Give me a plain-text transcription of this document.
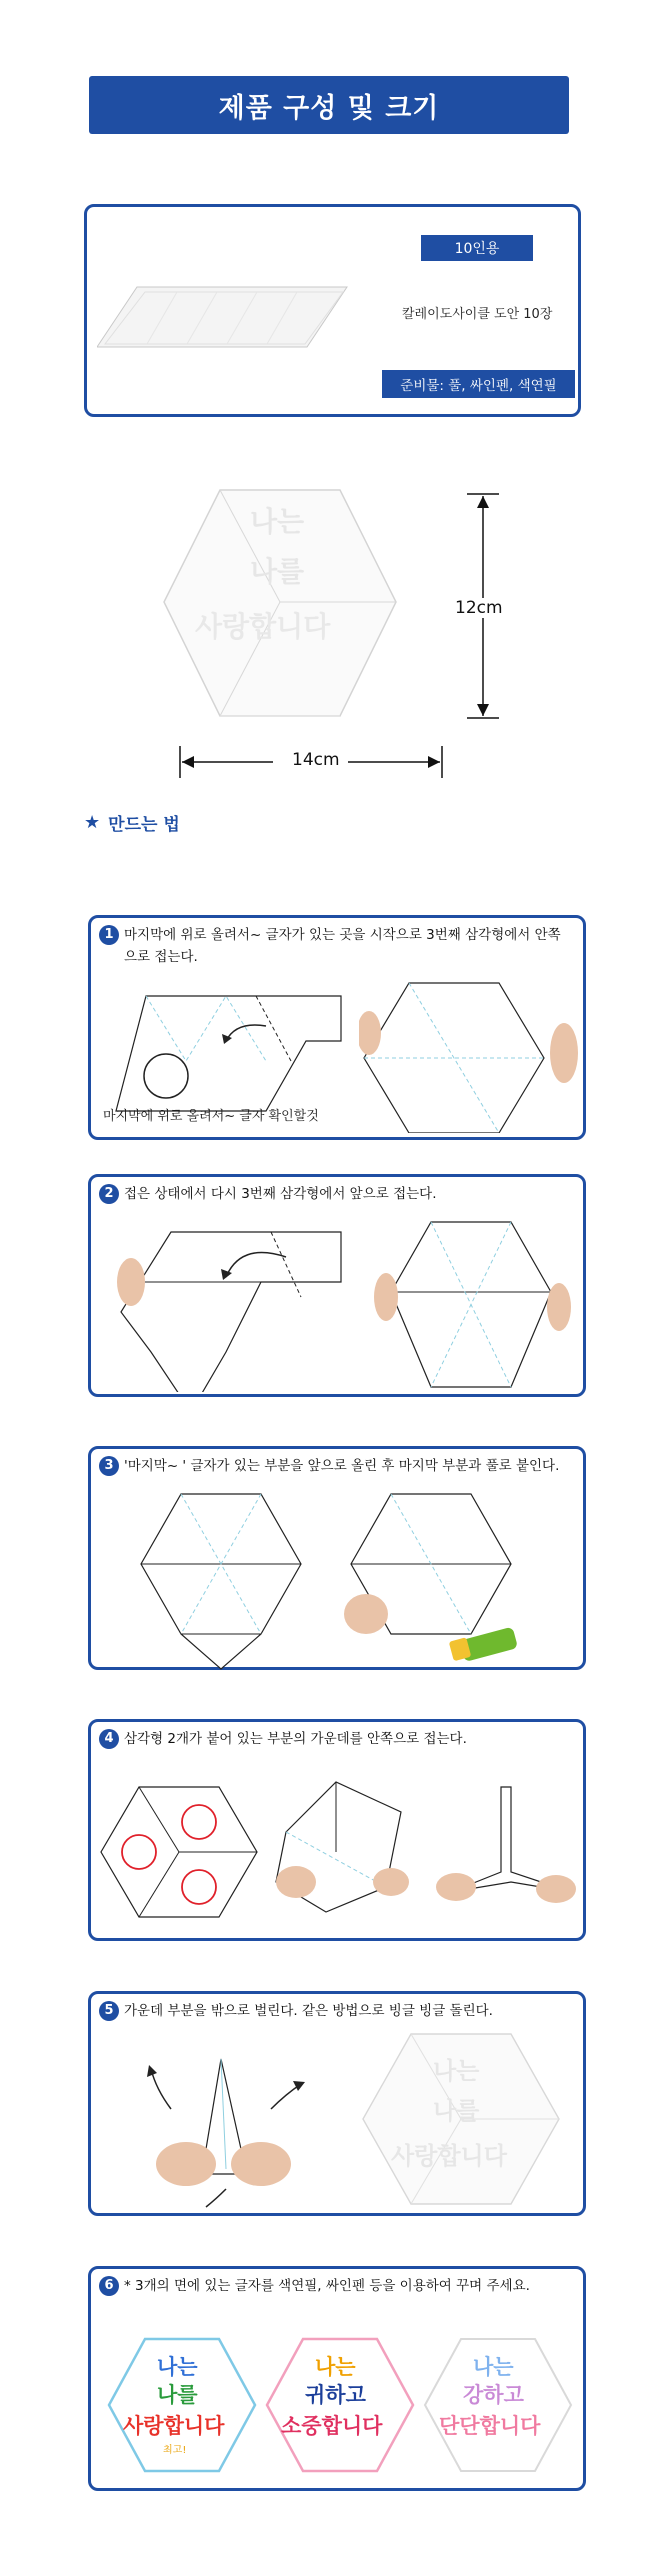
제품 구성 및 크기
10인용
칼레이도사이클 도안 10장
준비물: 풀, 싸인펜, 색연필
나는
나를
사랑합니다
12cm
14cm
★ 만드는 법
1 마지막에 위로 올려서~ 글자가 있는 곳을 시작으로 3번째 삼각형에서 안쪽으로 접는다.
마지막에 위로 올려서~ 글자 확인할것
2 접은 상태에서 다시 3번째 삼각형에서 앞으로 접는다.
3 '마지막~ ' 글자가 있는 부분을 앞으로 올린 후 마지막 부분과 풀로 붙인다.
4 삼각형 2개가 붙어 있는 부분의 가운데를 안쪽으로 접는다.
5 가운데 부분을 밖으로 벌린다. 같은 방법으로 빙글 빙글 돌린다.
나는
나를
사랑합니다
6 * 3개의 면에 있는 글자를 색연필, 싸인펜 등을 이용하여 꾸며 주세요.
나는
나를
사랑합니다
최고!
나는
귀하고
소중합니다
나는
강하고
단단합니다
